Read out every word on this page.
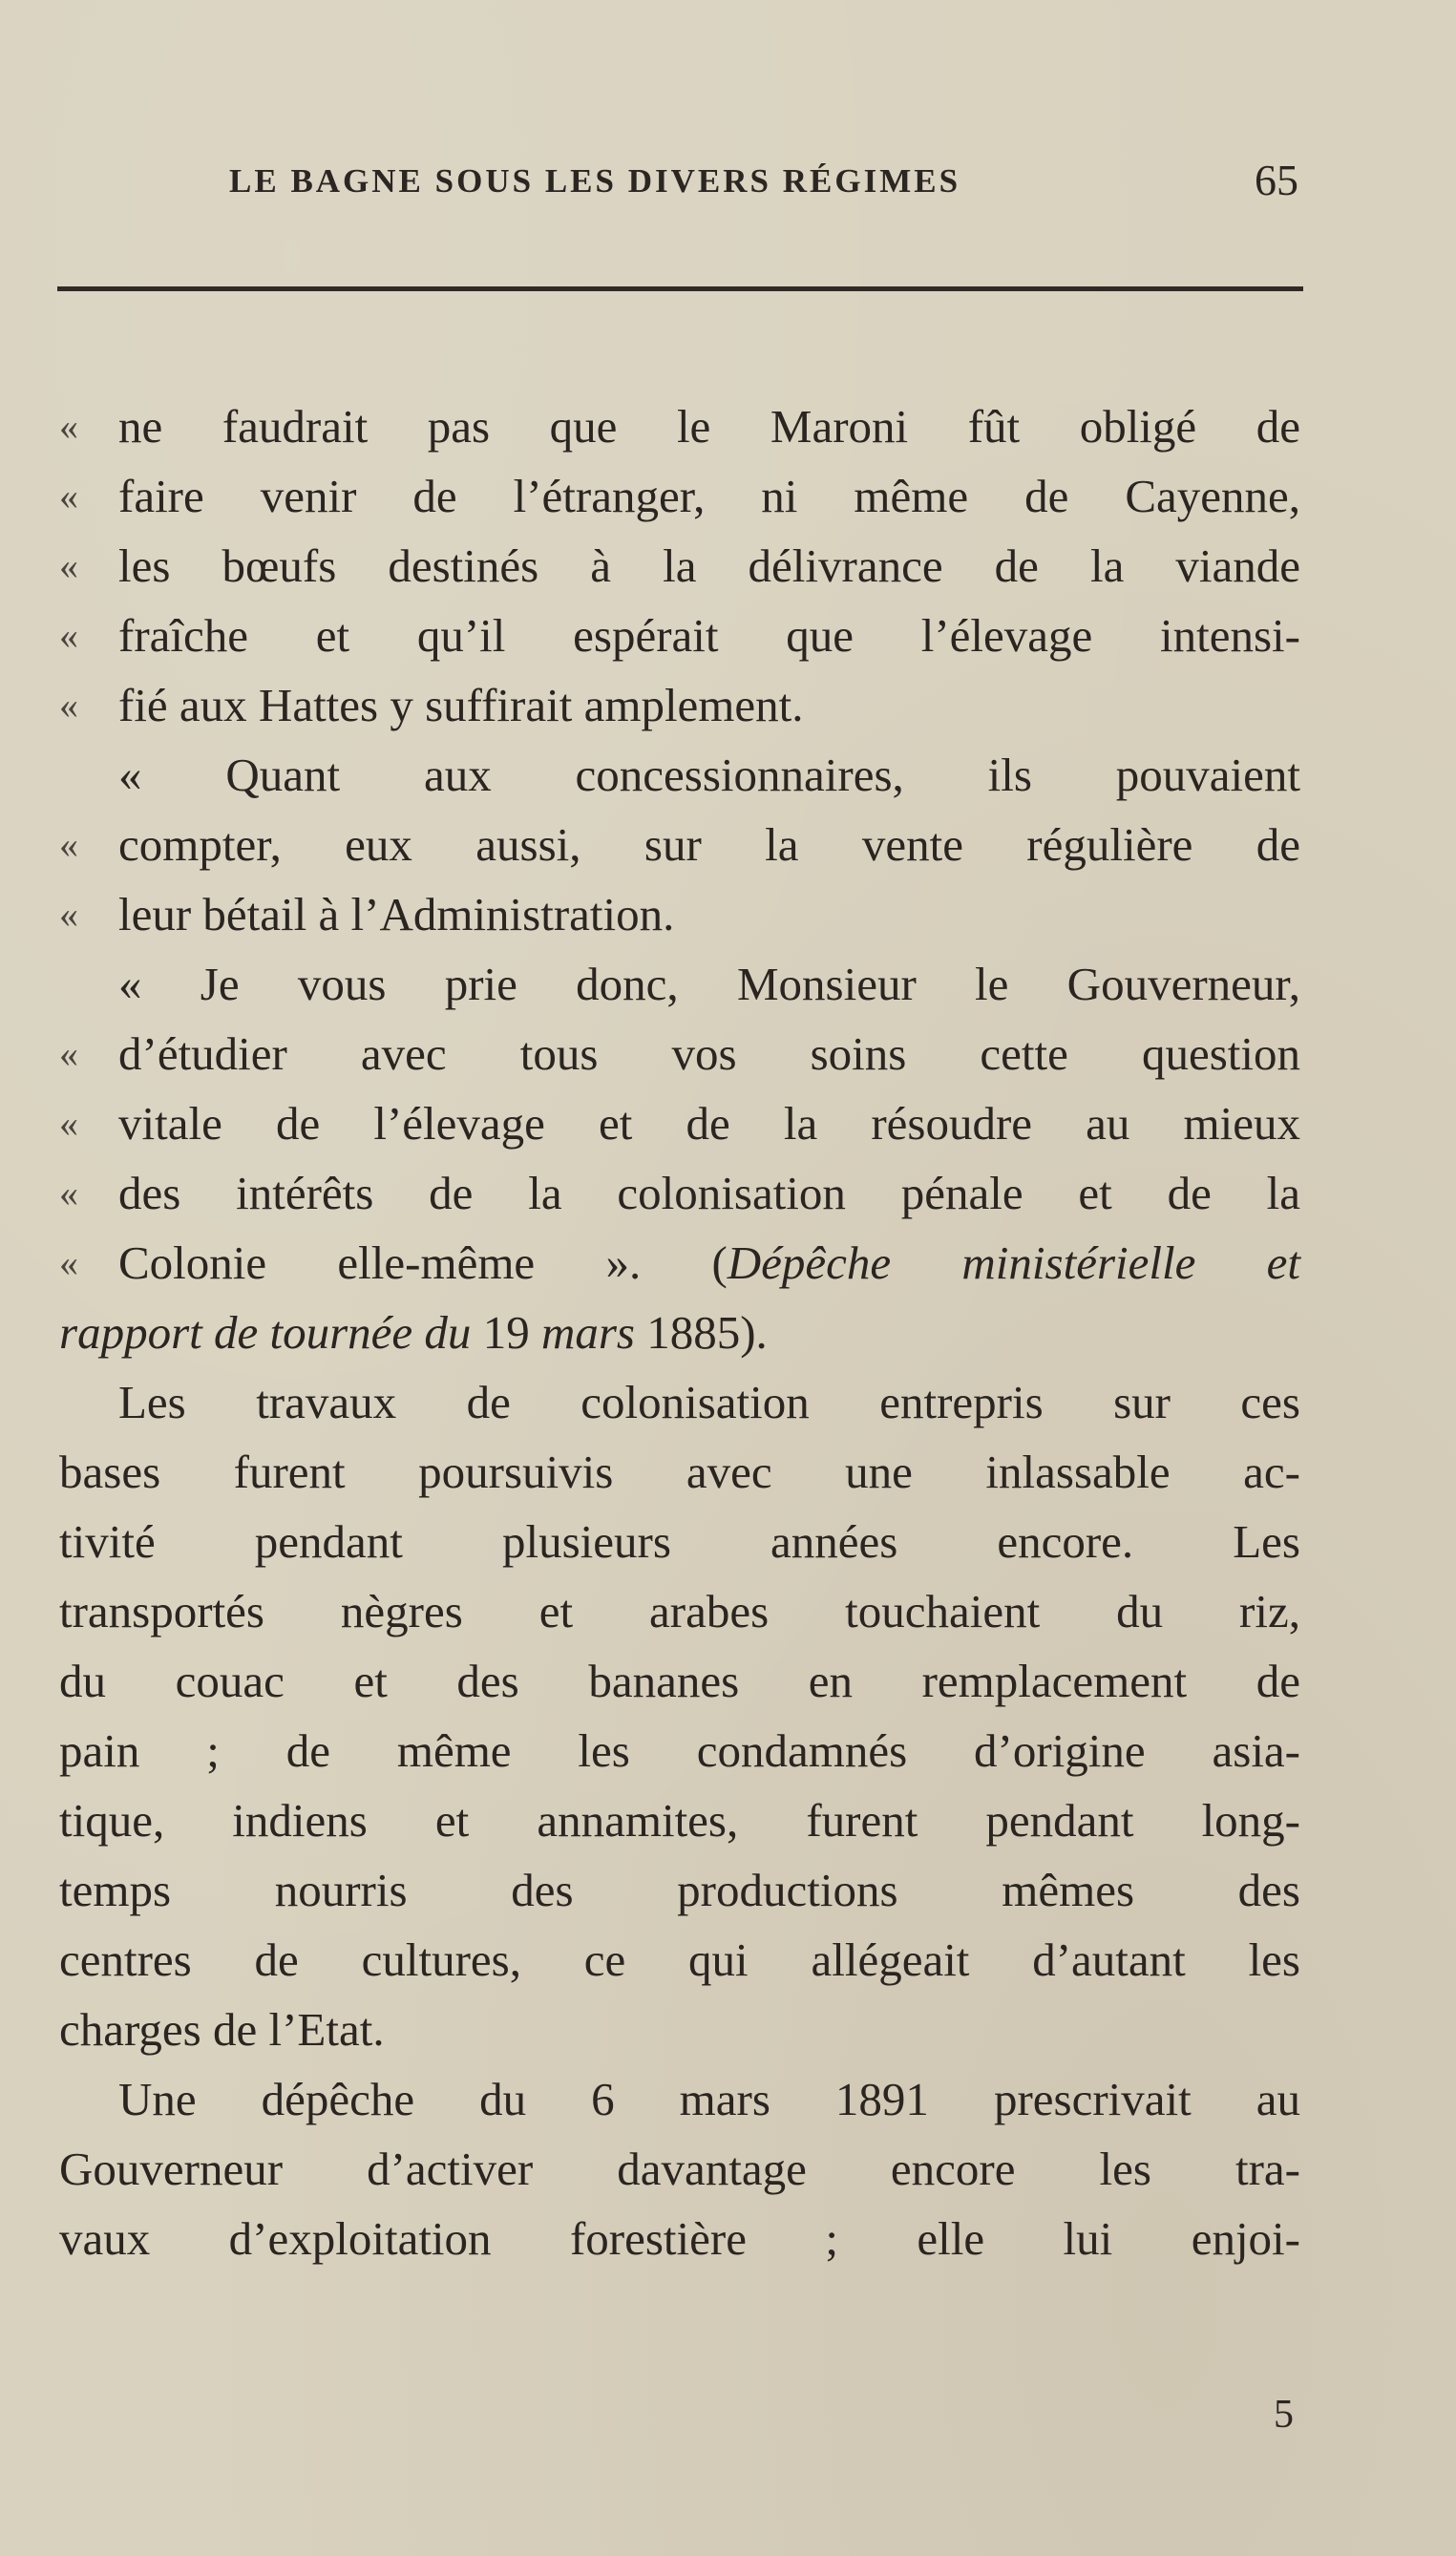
LE BAGNE SOUS LES DIVERS RÉGIMES	65
« ne faudrait pas que le Maroni fût obligé de
« faire venir de l’étranger, ni même de Cayenne,
« les bœufs destinés à la délivrance de la viande
« fraîche et qu’il espérait que l’élevage intensi-
« fié aux Hattes y suffirait amplement.
« Quant aux concessionnaires, ils pouvaient
« compter, eux aussi, sur la vente régulière de
« leur bétail à l’Administration.
« Je vous prie donc, Monsieur le Gouverneur,
« d’étudier avec tous vos soins cette question
« vitale de l’élevage et de la résoudre au mieux
« des intérêts de la colonisation pénale et de la
« Colonie elle-même ». (Dépêche ministérielle et
rapport de tournée du 19 mars 1885).
Les travaux de colonisation entrepris sur ces
bases furent poursuivis avec une inlassable ac-
tivité pendant plusieurs années encore. Les
transportés nègres et arabes touchaient du riz,
du couac et des bananes en remplacement de
pain ; de même les condamnés d’origine asia-
tique, indiens et annamites, furent pendant long-
temps nourris des productions mêmes des
centres de cultures, ce qui allégeait d’autant les
charges de l’Etat.
Une dépêche du 6 mars 1891 prescrivait au
Gouverneur d’activer davantage encore les tra-
vaux d’exploitation forestière ; elle lui enjoi-
5
